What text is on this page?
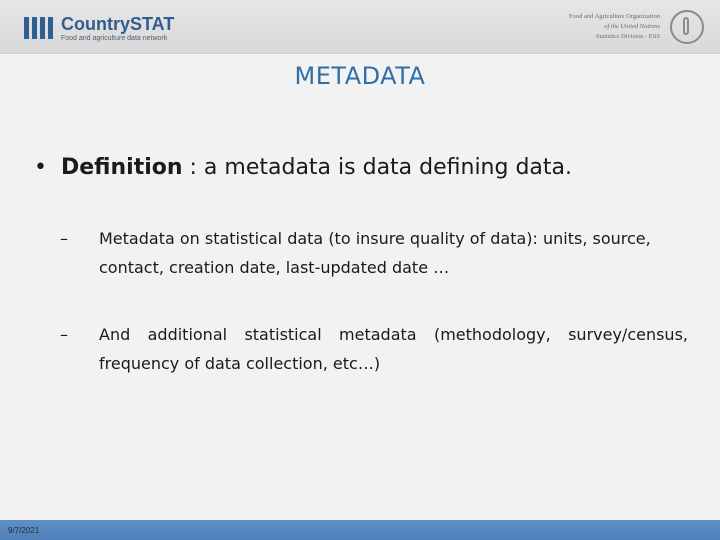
CountrySTAT
Food and agriculture data network
Food and Agriculture Organization
of the United Nations
Statistics Division - ESS
METADATA
• Definition : a metadata is data defining data.
– Metadata on statistical data (to insure quality of data): units, source, contact, creation date, last-updated date …
– And additional statistical metadata (methodology, survey/census, frequency of data collection, etc…)
9/7/2021
